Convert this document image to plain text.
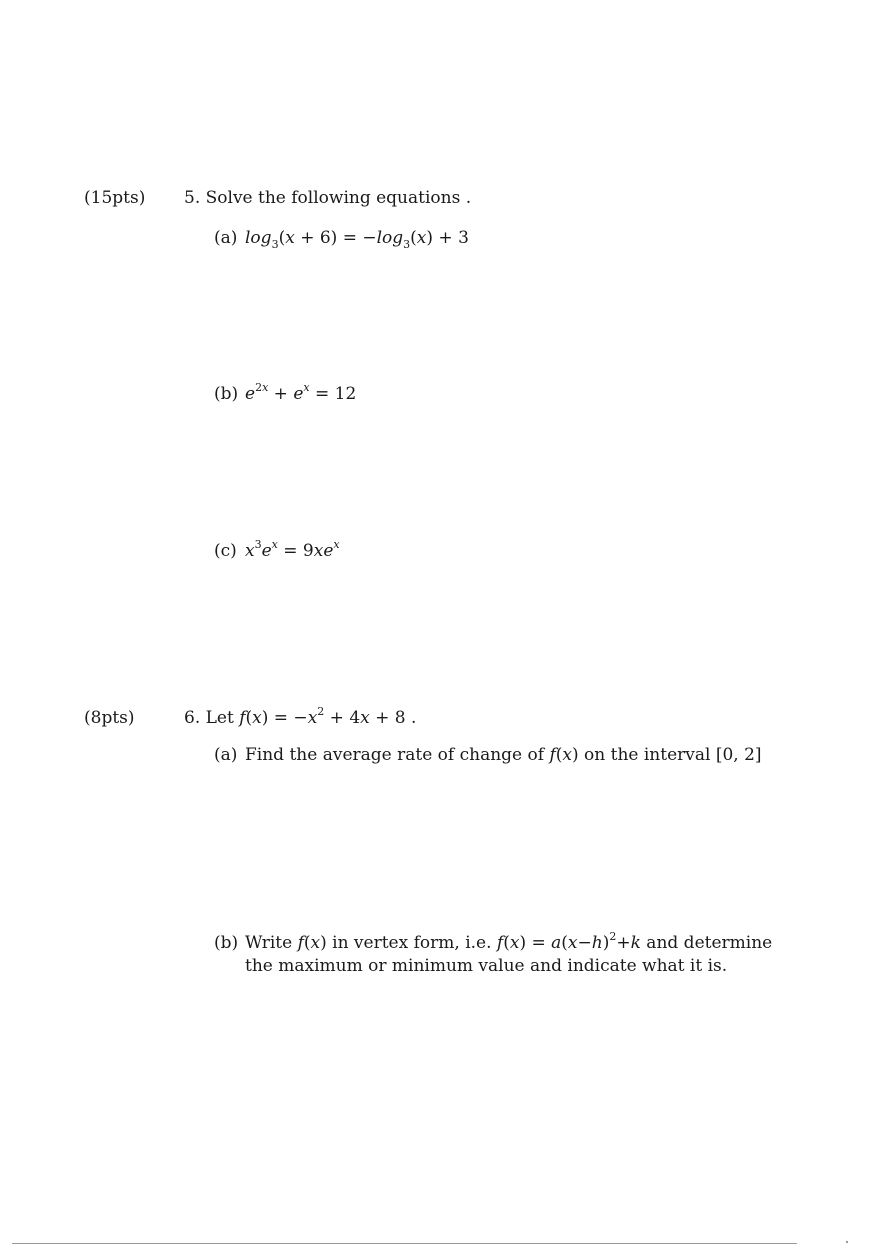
(15pts) 5. Solve the following equations .
(a) $\log_3(x + 6) = -\log_3(x) + 3$
(b) $e^{2x} + e^x = 12$
(c) $x^3e^x = 9xe^x$
(8pts)	6. Let $f(x) = -x^2 + 4x + 8$ .
(a) Find the average rate of change of f(x) on the interval [0, 2]
(b) Write f(x) in vertex form, i.e. $f(x) = a(x-h)^2+k$ and determine
the maximum or minimum value and indicate what it is.
